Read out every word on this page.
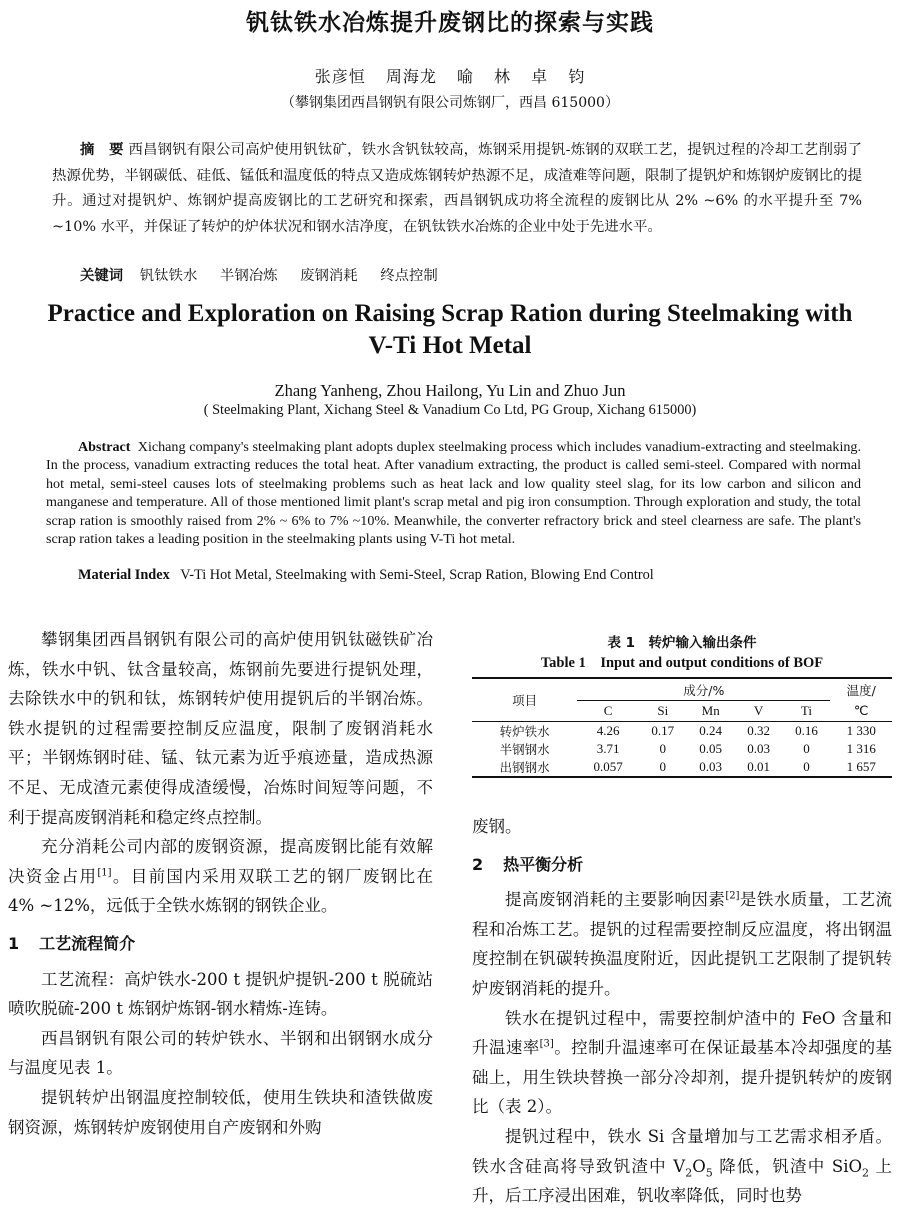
钒钛铁水冶炼提升废钢比的探索与实践
张彦恒 周海龙 喻 林 卓 钧
（攀钢集团西昌钢钒有限公司炼钢厂，西昌 615000）
摘　要 西昌钢钒有限公司高炉使用钒钛矿，铁水含钒钛较高，炼钢采用提钒-炼钢的双联工艺，提钒过程的冷却工艺削弱了热源优势，半钢碳低、硅低、锰低和温度低的特点又造成炼钢转炉热源不足，成渣难等问题，限制了提钒炉和炼钢炉废钢比的提升。通过对提钒炉、炼钢炉提高废钢比的工艺研究和探索，西昌钢钒成功将全流程的废钢比从 2% ~6% 的水平提升至 7% ~10% 水平，并保证了转炉的炉体状况和钢水洁净度，在钒钛铁水冶炼的企业中处于先进水平。
关键词 钒钛铁水 半钢冶炼 废钢消耗 终点控制
Practice and Exploration on Raising Scrap Ration during Steelmaking with V-Ti Hot Metal
Zhang Yanheng, Zhou Hailong, Yu Lin and Zhuo Jun
( Steelmaking Plant, Xichang Steel & Vanadium Co Ltd, PG Group, Xichang 615000)
Abstract Xichang company's steelmaking plant adopts duplex steelmaking process which includes vanadium-extracting and steelmaking. In the process, vanadium extracting reduces the total heat. After vanadium extracting, the product is called semi-steel. Compared with normal hot metal, semi-steel causes lots of steelmaking problems such as heat lack and low quality steel slag, for its low carbon and silicon and manganese and temperature. All of those mentioned limit plant's scrap metal and pig iron consumption. Through exploration and study, the total scrap ration is smoothly raised from 2% ~ 6% to 7% ~10%. Meanwhile, the converter refractory brick and steel clearness are safe. The plant's scrap ration takes a leading position in the steelmaking plants using V-Ti hot metal.
Material Index V-Ti Hot Metal, Steelmaking with Semi-Steel, Scrap Ration, Blowing End Control

攀钢集团西昌钢钒有限公司的高炉使用钒钛磁铁矿冶炼，铁水中钒、钛含量较高，炼钢前先要进行提钒处理，去除铁水中的钒和钛，炼钢转炉使用提钒后的半钢冶炼。铁水提钒的过程需要控制反应温度，限制了废钢消耗水平；半钢炼钢时硅、锰、钛元素为近乎痕迹量，造成热源不足、无成渣元素使得成渣缓慢，冶炼时间短等问题，不利于提高废钢消耗和稳定终点控制。

充分消耗公司内部的废钢资源，提高废钢比能有效解决资金占用[1]。目前国内采用双联工艺的钢厂废钢比在 4% ~12%，远低于全铁水炼钢的钢铁企业。

1 工艺流程简介

工艺流程：高炉铁水-200 t 提钒炉提钒-200 t 脱硫站喷吹脱硫-200 t 炼钢炉炼钢-钢水精炼-连铸。

西昌钢钒有限公司的转炉铁水、半钢和出钢钢水成分与温度见表 1。

提钒转炉出钢温度控制较低，使用生铁块和渣铁做废钢资源，炼钢转炉废钢使用自产废钢和外购

表 1　转炉输入输出条件
Table 1　Input and output conditions of BOF
项目	成分/%					温度/
	C	Si	Mn	V	Ti	℃
转炉铁水	4.26	0.17	0.24	0.32	0.16	1 330
半钢钢水	3.71	0	0.05	0.03	0	1 316
出钢钢水	0.057	0	0.03	0.01	0	1 657

废钢。

2 热平衡分析

提高废钢消耗的主要影响因素[2]是铁水质量，工艺流程和冶炼工艺。提钒的过程需要控制反应温度，将出钢温度控制在钒碳转换温度附近，因此提钒工艺限制了提钒转炉废钢消耗的提升。

铁水在提钒过程中，需要控制炉渣中的 FeO 含量和升温速率[3]。控制升温速率可在保证最基本冷却强度的基础上，用生铁块替换一部分冷却剂，提升提钒转炉的废钢比（表 2）。

提钒过程中，铁水 Si 含量增加与工艺需求相矛盾。铁水含硅高将导致钒渣中 $V_2O_5$ 降低，钒渣中 SiO$_2$ 上升，后工序浸出困难，钒收率降低，同时也势
